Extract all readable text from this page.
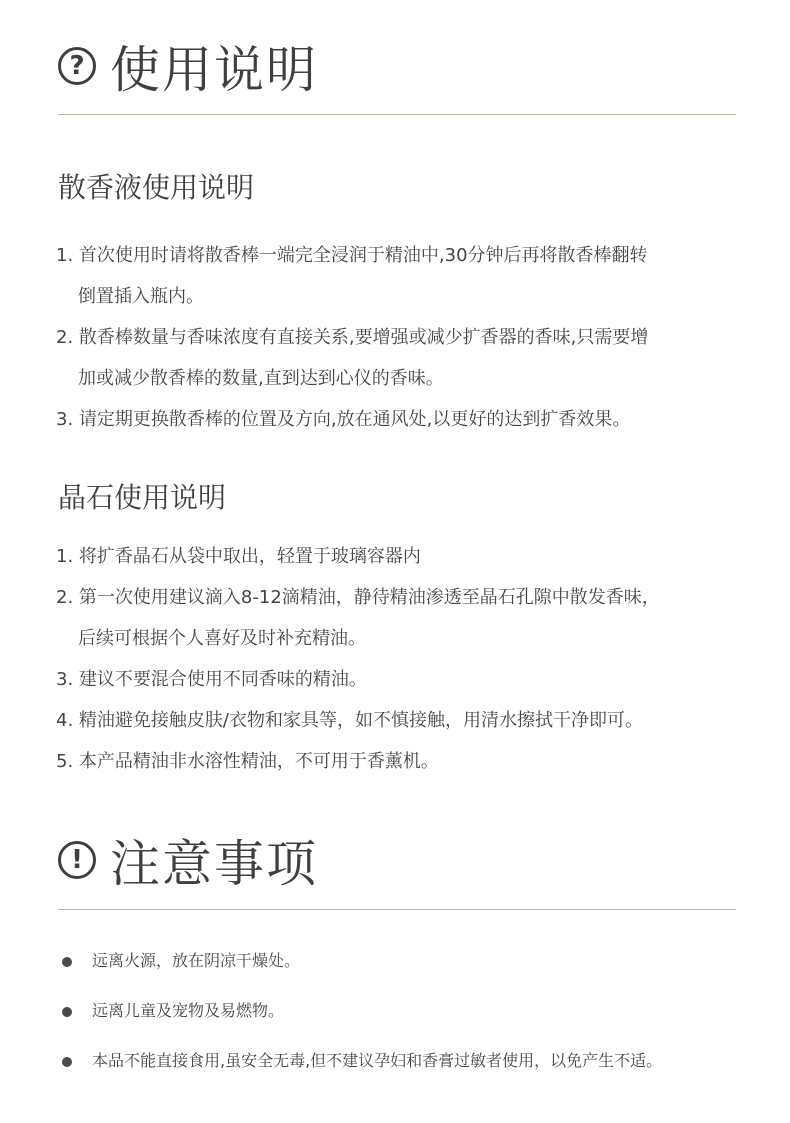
? 使用说明
散香液使用说明
1. 首次使用时请将散香棒一端完全浸润于精油中,30分钟后再将散香棒翻转
倒置插入瓶内。
2. 散香棒数量与香味浓度有直接关系,要增强或减少扩香器的香味,只需要增
加或减少散香棒的数量,直到达到心仪的香味。
3. 请定期更换散香棒的位置及方向,放在通风处,以更好的达到扩香效果。
晶石使用说明
1. 将扩香晶石从袋中取出，轻置于玻璃容器内
2. 第一次使用建议滴入8-12滴精油，静待精油渗透至晶石孔隙中散发香味，
后续可根据个人喜好及时补充精油。
3. 建议不要混合使用不同香味的精油。
4. 精油避免接触皮肤/衣物和家具等，如不慎接触，用清水擦拭干净即可。
5. 本产品精油非水溶性精油，不可用于香薰机。
! 注意事项
远离火源，放在阴凉干燥处。
远离儿童及宠物及易燃物。
本品不能直接食用,虽安全无毒,但不建议孕妇和香膏过敏者使用，以免产生不适。
